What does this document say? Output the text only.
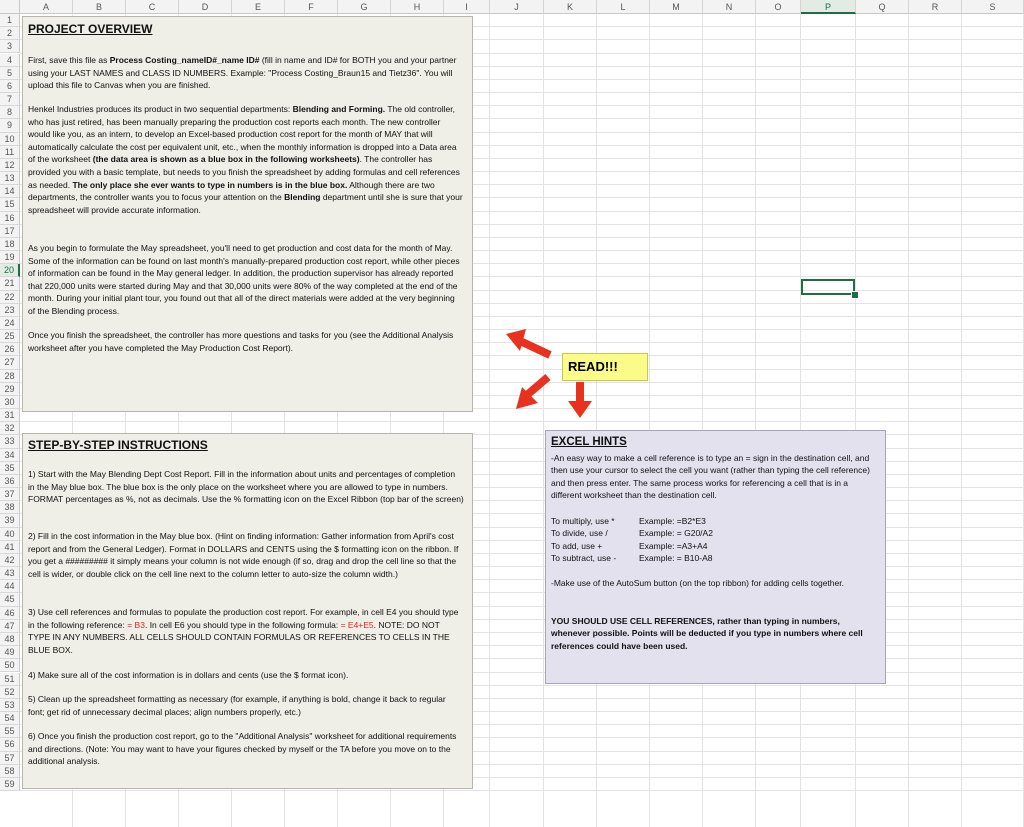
A	B	C	D	E	F	G	H	I	J	K	L	M	N	O	P	Q	R	S
1
2
3
4
5
6
7
8
9
10
11
12
13
14
15
16
17
18
19
20
21
22
23
24
25
26
27
28
29
30
31
32
33
34
35
36
37
38
39
40
41
42
43
44
45
46
47
48
49
50
51
52
53
54
55
56
57
58
59
PROJECT OVERVIEW

First, save this file as Process Costing_nameID#_name ID# (fill in name and ID# for BOTH you and your partner using your LAST NAMES and CLASS ID NUMBERS. Example: "Process Costing_Braun15 and Tietz36". You will upload this file to Canvas when you are finished.

Henkel Industries produces its product in two sequential departments: Blending and Forming. The old controller, who has just retired, has been manually preparing the production cost reports each month. The new controller would like you, as an intern, to develop an Excel-based production cost report for the month of MAY that will automatically calculate the cost per equivalent unit, etc., when the monthly information is dropped into a Data area of the worksheet (the data area is shown as a blue box in the following worksheets). The controller has provided you with a basic template, but needs to you finish the spreadsheet by adding formulas and cell references as needed. The only place she ever wants to type in numbers is in the blue box. Although there are two departments, the controller wants you to focus your attention on the Blending department until she is sure that your spreadsheet will provide accurate information.

As you begin to formulate the May spreadsheet, you'll need to get production and cost data for the month of May. Some of the information can be found on last month's manually-prepared production cost report, while other pieces of information can be found in the May general ledger. In addition, the production supervisor has already reported that 220,000 units were started during May and that 30,000 units were 80% of the way completed at the end of the month. During your initial plant tour, you found out that all of the direct materials were added at the very beginning of the Blending process.

Once you finish the spreadsheet, the controller has more questions and tasks for you (see the Additional Analysis worksheet after you have completed the May Production Cost Report).

STEP-BY-STEP INSTRUCTIONS

1) Start with the May Blending Dept Cost Report. Fill in the information about units and percentages of completion in the May blue box. The blue box is the only place on the worksheet where you are allowed to type in numbers. FORMAT percentages as %, not as decimals. Use the % formatting icon on the Excel Ribbon (top bar of the screen)

2) Fill in the cost information in the May blue box. (Hint on finding information: Gather information from April's cost report and from the General Ledger). Format in DOLLARS and CENTS using the $ formatting icon on the ribbon. If you get a ######### it simply means your column is not wide enough (if so, drag and drop the cell line so that the cell is wider, or double click on the cell line next to the column letter to auto-size the column width.)

3) Use cell references and formulas to populate the production cost report. For example, in cell E4 you should type in the following reference: = B3. In cell E6 you should type in the following formula: = E4+E5. NOTE: DO NOT TYPE IN ANY NUMBERS. ALL CELLS SHOULD CONTAIN FORMULAS OR REFERENCES TO CELLS IN THE BLUE BOX.

4) Make sure all of the cost information is in dollars and cents (use the $ format icon).

5) Clean up the spreadsheet formatting as necessary (for example, if anything is bold, change it back to regular font; get rid of unnecessary decimal places; align numbers properly, etc.)

6) Once you finish the production cost report, go to the "Additional Analysis" worksheet for additional requirements and directions. (Note: You may want to have your figures checked by myself or the TA before you move on to the additional analysis.

READ!!!
EXCEL HINTS

-An easy way to make a cell reference is to type an = sign in the destination cell, and then use your cursor to select the cell you want (rather than typing the cell reference) and then press enter. The same process works for referencing a cell that is in a different worksheet than the destination cell.

To multiply, use *	Example: =B2*E3
To divide, use /	Example: = G20/A2
To add, use +	Example: =A3+A4
To subtract, use -	Example: = B10-A8

-Make use of the AutoSum button (on the top ribbon) for adding cells together.

YOU SHOULD USE CELL REFERENCES, rather than typing in numbers, whenever possible. Points will be deducted if you type in numbers where cell references could have been used.
